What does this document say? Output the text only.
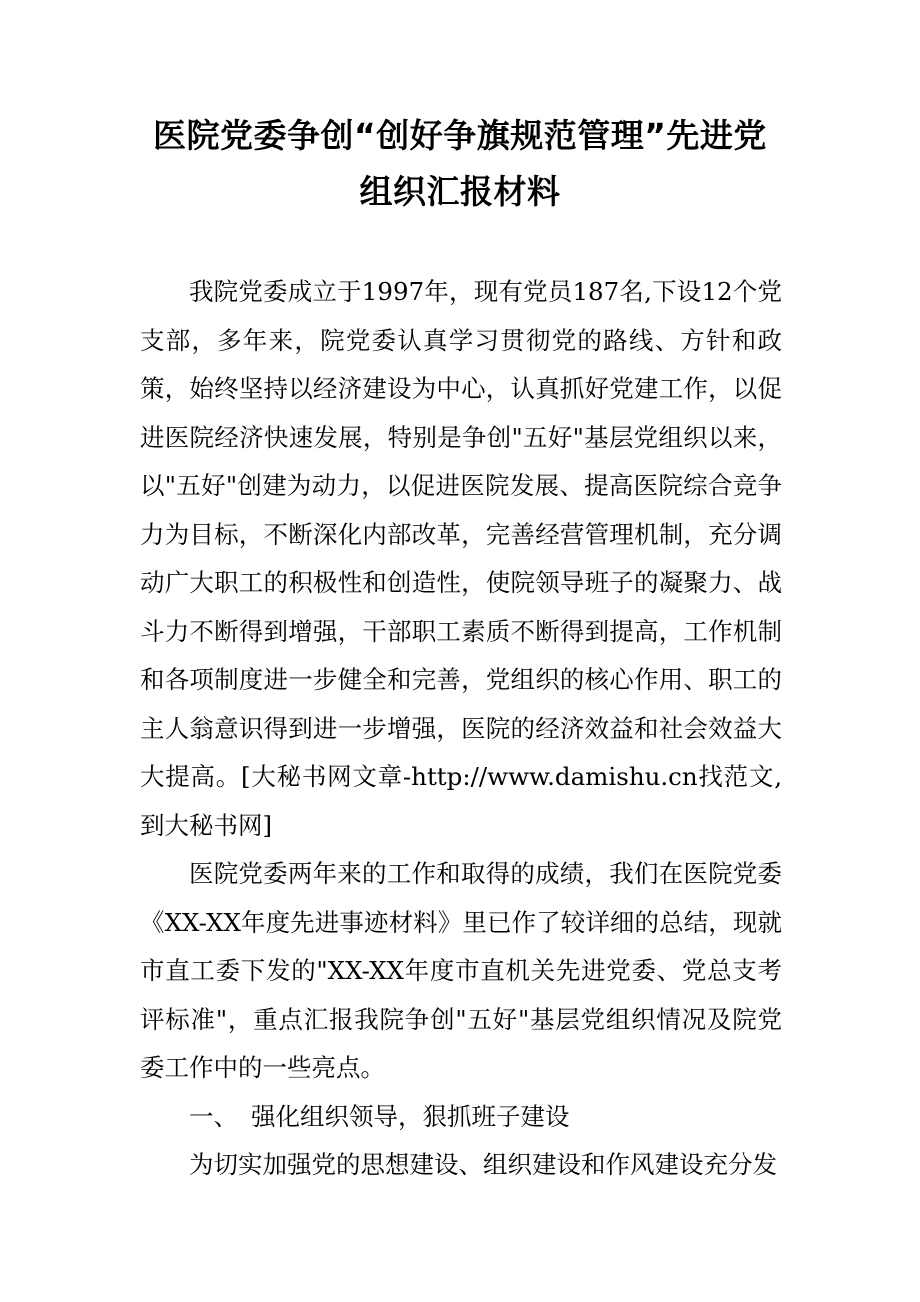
医院党委争创“创好争旗规范管理”先进党
组织汇报材料

我院党委成立于1997年，现有党员187名,下设12个党支部，多年来，院党委认真学习贯彻党的路线、方针和政策，始终坚持以经济建设为中心，认真抓好党建工作，以促进医院经济快速发展，特别是争创"五好"基层党组织以来，以"五好"创建为动力，以促进医院发展、提高医院综合竞争力为目标，不断深化内部改革，完善经营管理机制，充分调动广大职工的积极性和创造性，使院领导班子的凝聚力、战斗力不断得到增强，干部职工素质不断得到提高，工作机制和各项制度进一步健全和完善，党组织的核心作用、职工的主人翁意识得到进一步增强，医院的经济效益和社会效益大大提高。[大秘书网文章-http://www.damishu.cn找范文,到大秘书网]

医院党委两年来的工作和取得的成绩，我们在医院党委《XX-XX年度先进事迹材料》里已作了较详细的总结，现就市直工委下发的"XX-XX年度市直机关先进党委、党总支考评标准"，重点汇报我院争创"五好"基层党组织情况及院党委工作中的一些亮点。

一、 强化组织领导，狠抓班子建设

为切实加强党的思想建设、组织建设和作风建设充分发
